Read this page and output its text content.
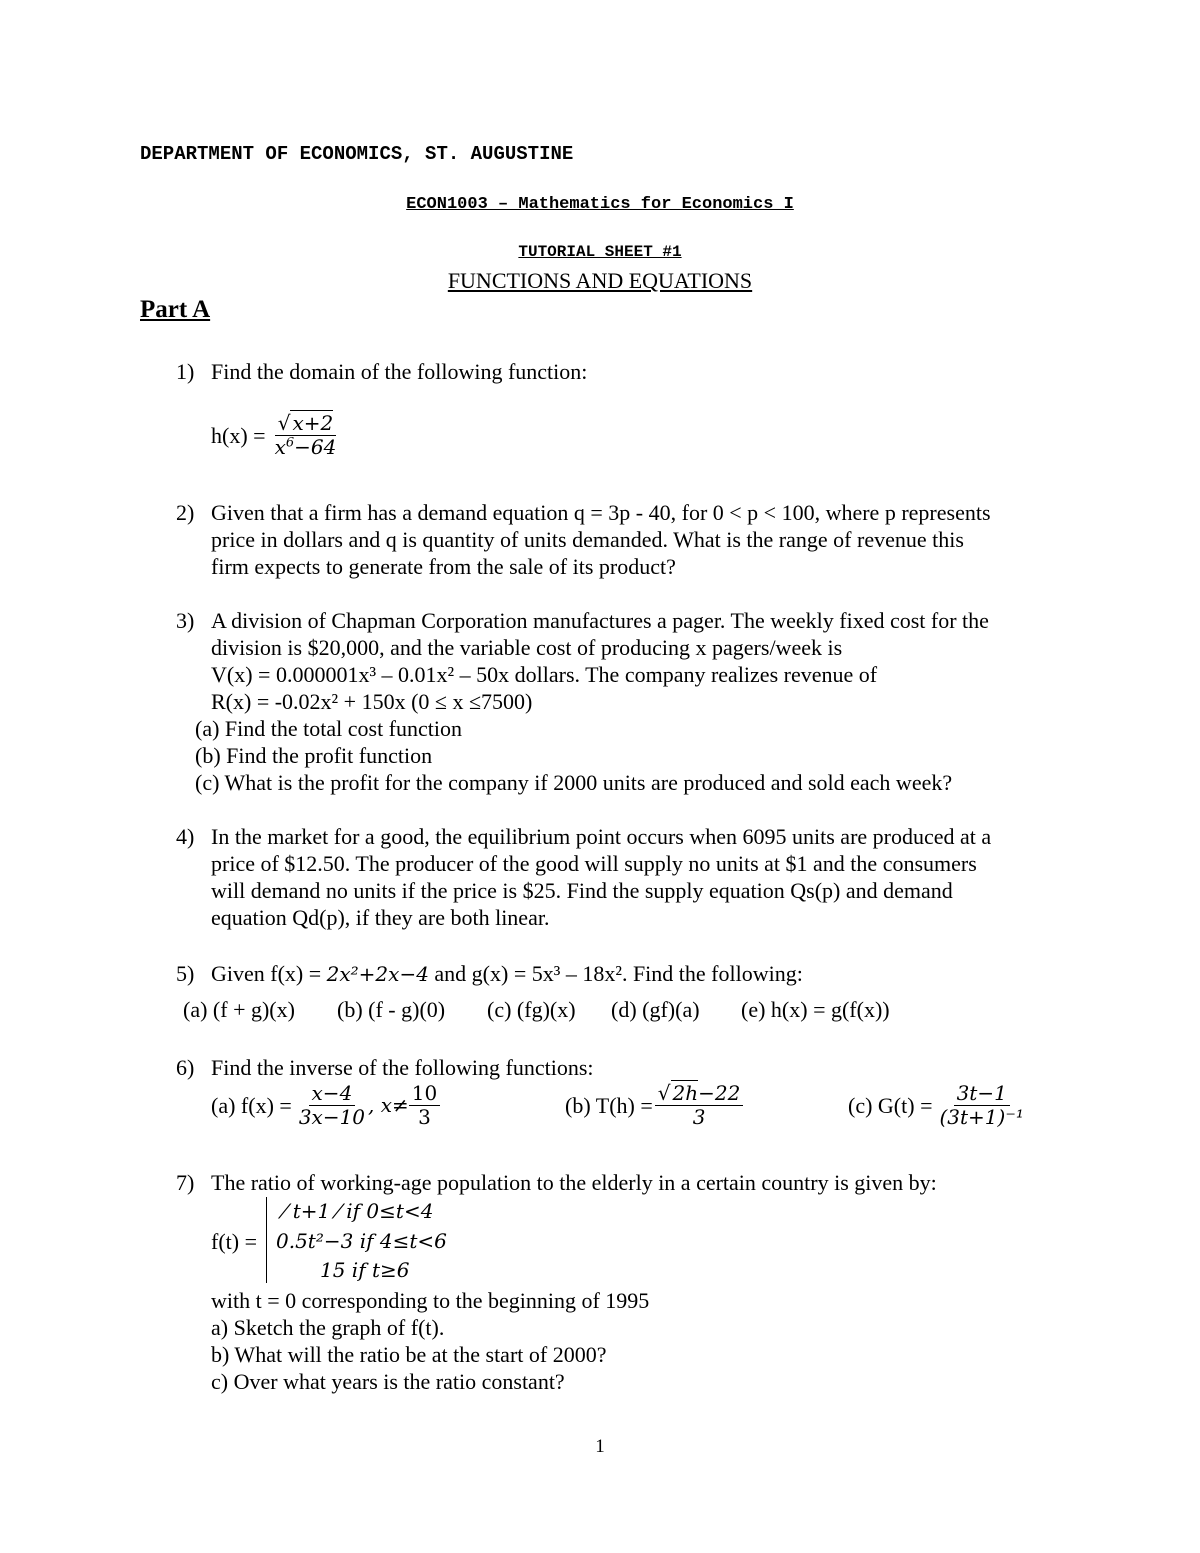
DEPARTMENT OF ECONOMICS, ST. AUGUSTINE
ECON1003 – Mathematics for Economics I
TUTORIAL SHEET #1
FUNCTIONS AND EQUATIONS
Part A
1) Find the domain of the following function:
$h(x) = \frac{√ x+2}{x^6-64}$
2) Given that a firm has a demand equation q = 3p - 40, for 0 < p < 100, where p represents
price in dollars and q is quantity of units demanded. What is the range of revenue this
firm expects to generate from the sale of its product?
3) A division of Chapman Corporation manufactures a pager. The weekly fixed cost for the
division is $20,000, and the variable cost of producing x pagers/week is
V(x) = 0.000001x³ – 0.01x² – 50x dollars. The company realizes revenue of
R(x) = -0.02x² + 150x (0 ≤ x ≤7500)
(a) Find the total cost function
(b) Find the profit function
(c) What is the profit for the company if 2000 units are produced and sold each week?
4) In the market for a good, the equilibrium point occurs when 6095 units are produced at a
price of $12.50. The producer of the good will supply no units at $1 and the consumers
will demand no units if the price is $25. Find the supply equation Qs(p) and demand
equation Qd(p), if they are both linear.
5) Given f(x) = 2x²+2x−4 and g(x) = 5x³ – 18x². Find the following:
(a) (f + g)(x) (b) (f - g)(0) (c) (fg)(x) (d) (gf)(a) (e) h(x) = g(f(x))
6) Find the inverse of the following functions:
(a) $f(x) = \frac{x-4}{3x-10}$ , $x\ne \frac{10}{3}$	(b) $T(h) = \frac{√ 2h-22}{3}$	(c) $G(t) = \frac{3t-1}{\text{(3t+1)⁻¹}}$
7) The ratio of working-age population to the elderly in a certain country is given by:
f(t) =
⁄ t+1 ⁄ if 0≤t<4
0.5t²−3 if 4≤t<6
15 if t≥6
with t = 0 corresponding to the beginning of 1995
a) Sketch the graph of f(t).
b) What will the ratio be at the start of 2000?
c) Over what years is the ratio constant?
1
